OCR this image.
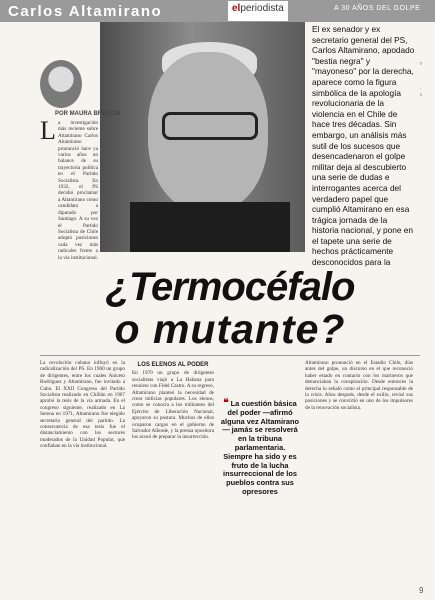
Carlos Altamirano	elperiodista	A 30 AÑOS DEL GOLPE
El ex senador y ex secretario general del PS, Carlos Altamirano, apodado "bestia negra" y "mayoneso" por la derecha, aparece como la figura simbólica de la apología revolucionaria de la violencia en el Chile de hace tres décadas. Sin embargo, un análisis más sutil de los sucesos que desencadenaron el golpe militar deja al descubierto una serie de dudas e interrogantes acerca del verdadero papel que cumplió Altamirano en esa trágica jornada de la historia nacional, y pone en el tapete una serie de hechos prácticamente desconocidos para la
POR MAURA BRESCIA
L a investigación más reciente sobre Altamirano Carlos Altamirano pronunció hace ya varios años un balance de su trayectoria política en el Partido Socialista. En 1932, el PS decidió proclamar a Altamirano como candidato a diputado por Santiago. A su vez el Partido Socialista de Chile adoptó posiciones cada vez más radicales frente a la vía institucional.

¿Termocéfalo
o mutante?

La revolución cubana influyó en la radicalización del PS. En 1960 un grupo de dirigentes, entre los cuales Aniceto Rodríguez y Altamirano, fue invitado a Cuba. El XXII Congreso del Partido Socialista realizado en Chillán en 1967 aprobó la tesis de la vía armada. En el congreso siguiente, realizado en La Serena en 1971, Altamirano fue elegido secretario general del partido. La consecuencia de esa tesis fue el distanciamiento con los sectores moderados de la Unidad Popular, que confiaban en la vía institucional.

LOS ELENOS AL PODER

En 1970 un grupo de dirigentes socialistas viajó a La Habana para reunirse con Fidel Castro. A su regreso, Altamirano planteó la necesidad de crear milicias populares. Los elenos, como se conocía a los militantes del Ejército de Liberación Nacional, apoyaron su postura. Muchos de ellos ocuparon cargos en el gobierno de Salvador Allende, y la prensa opositora los acusó de preparar la insurrección.

❝ La cuestión básica del poder —afirmó alguna vez Altamirano— jamás se resolverá en la tribuna parlamentaria. Siempre ha sido y es fruto de la lucha insurreccional de los pueblos contra sus opresores

Altamirano pronunció en el Estadio Chile, días antes del golpe, un discurso en el que reconoció haber estado en contacto con los marineros que denunciaban la conspiración. Desde entonces la derecha lo señaló como el principal responsable de la crisis. Años después, desde el exilio, revisó sus posiciones y se convirtió en uno de los impulsores de la renovación socialista.

9
